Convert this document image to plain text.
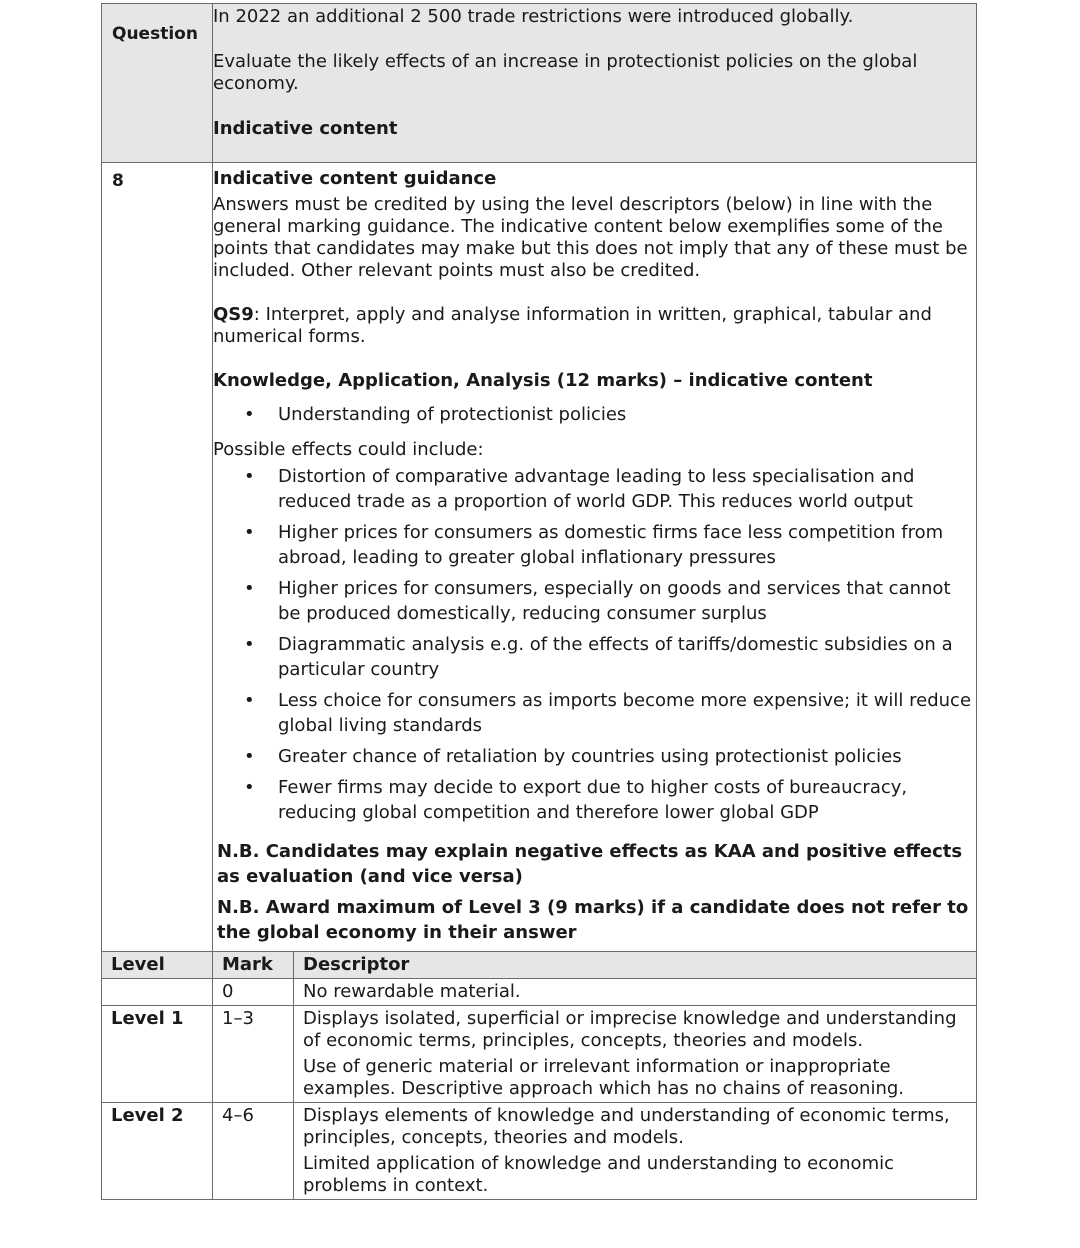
Question	In 2022 an additional 2 500 trade restrictions were introduced globally.

Evaluate the likely effects of an increase in protectionist policies on the global economy.

Indicative content

8	Indicative content guidance

Answers must be credited by using the level descriptors (below) in line with the general marking guidance. The indicative content below exemplifies some of the points that candidates may make but this does not imply that any of these must be included. Other relevant points must also be credited.

QS9: Interpret, apply and analyse information in written, graphical, tabular and numerical forms.

Knowledge, Application, Analysis (12 marks) – indicative content

• Understanding of protectionist policies

Possible effects could include:

• Distortion of comparative advantage leading to less specialisation and reduced trade as a proportion of world GDP. This reduces world output
• Higher prices for consumers as domestic firms face less competition from abroad, leading to greater global inflationary pressures
• Higher prices for consumers, especially on goods and services that cannot be produced domestically, reducing consumer surplus
• Diagrammatic analysis e.g. of the effects of tariffs/domestic subsidies on a particular country
• Less choice for consumers as imports become more expensive; it will reduce global living standards
• Greater chance of retaliation by countries using protectionist policies
• Fewer firms may decide to export due to higher costs of bureaucracy, reducing global competition and therefore lower global GDP

N.B. Candidates may explain negative effects as KAA and positive effects as evaluation (and vice versa)

N.B. Award maximum of Level 3 (9 marks) if a candidate does not refer to the global economy in their answer

Level	Mark	Descriptor
	0	No rewardable material.

Level 1	1–3	Displays isolated, superficial or imprecise knowledge and understanding of economic terms, principles, concepts, theories and models.

Use of generic material or irrelevant information or inappropriate examples. Descriptive approach which has no chains of reasoning.

Level 2	4–6	Displays elements of knowledge and understanding of economic terms, principles, concepts, theories and models.

Limited application of knowledge and understanding to economic problems in context.
